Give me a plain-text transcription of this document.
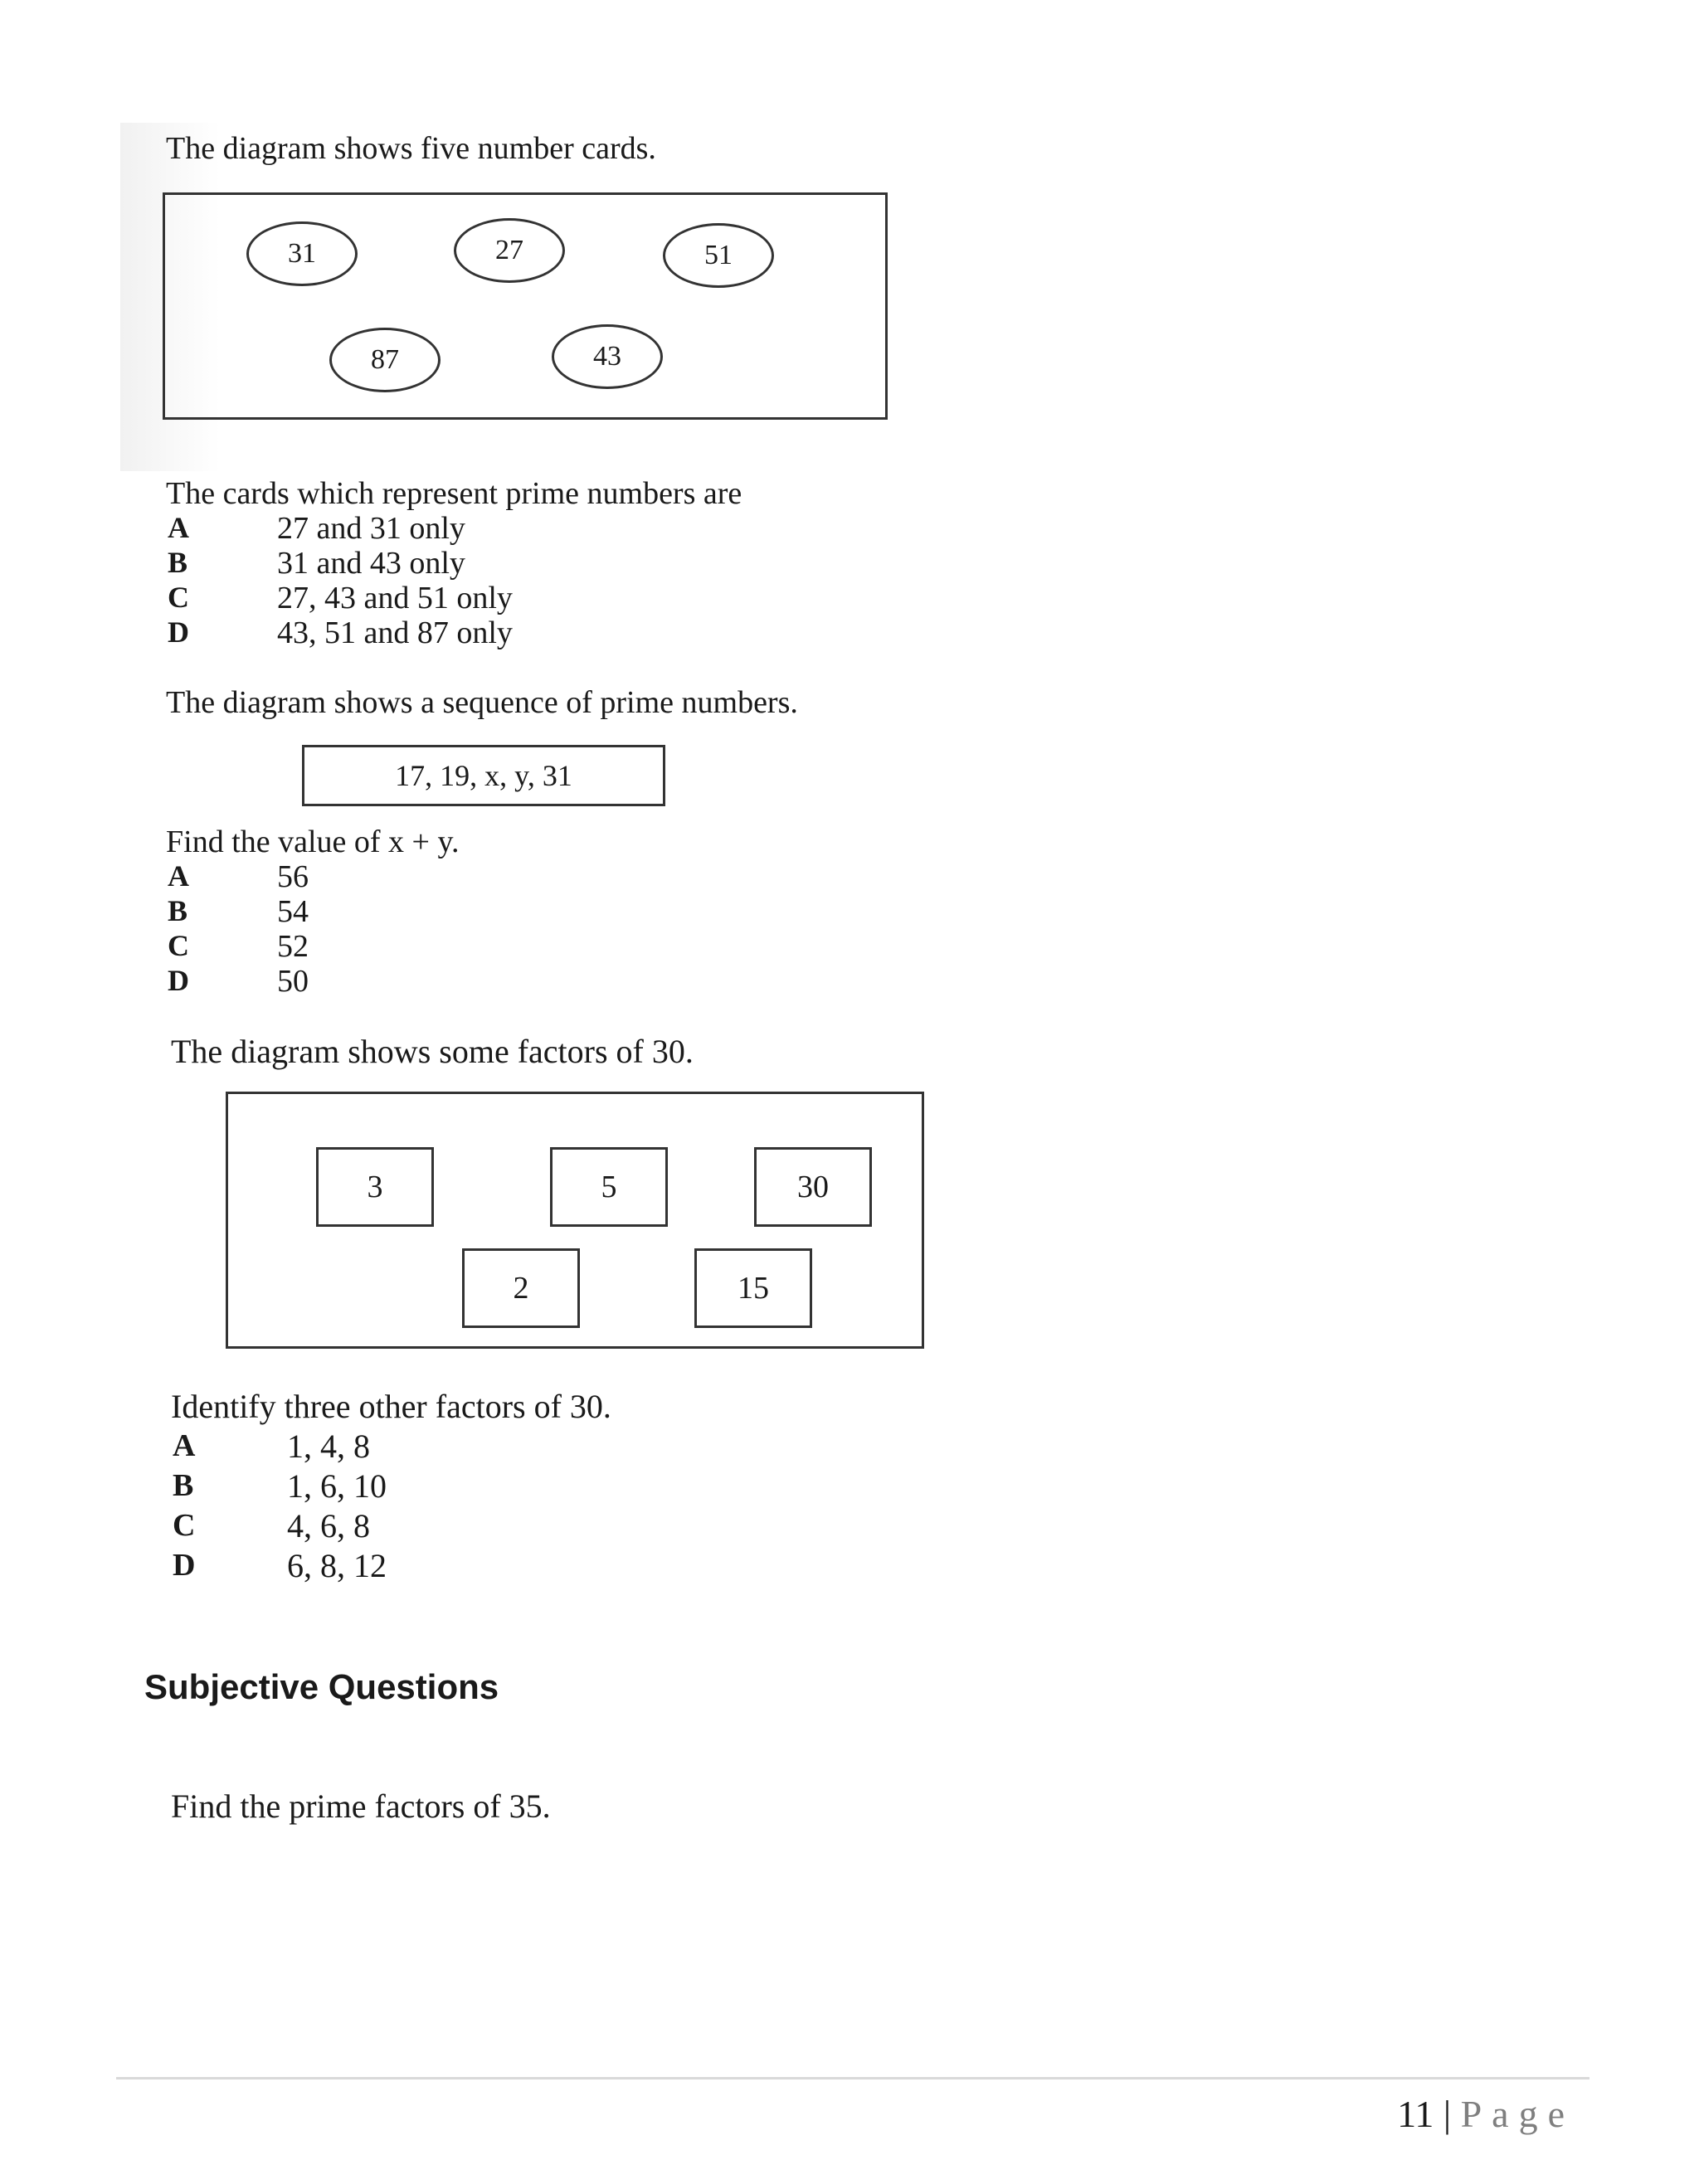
The diagram shows five number cards.
31	27	51
87	43
The cards which represent prime numbers are
A	27 and 31 only
B	31 and 43 only
C	27, 43 and 51 only
D	43, 51 and 87 only
The diagram shows a sequence of prime numbers.
17, 19, x, y, 31
Find the value of x + y.
A	56
B	54
C	52
D	50
The diagram shows some factors of 30.
3	5	30
2	15
Identify three other factors of 30.
A	1, 4, 8
B	1, 6, 10
C	4, 6, 8
D	6, 8, 12
Subjective Questions
Find the prime factors of 35.
11 | Page
